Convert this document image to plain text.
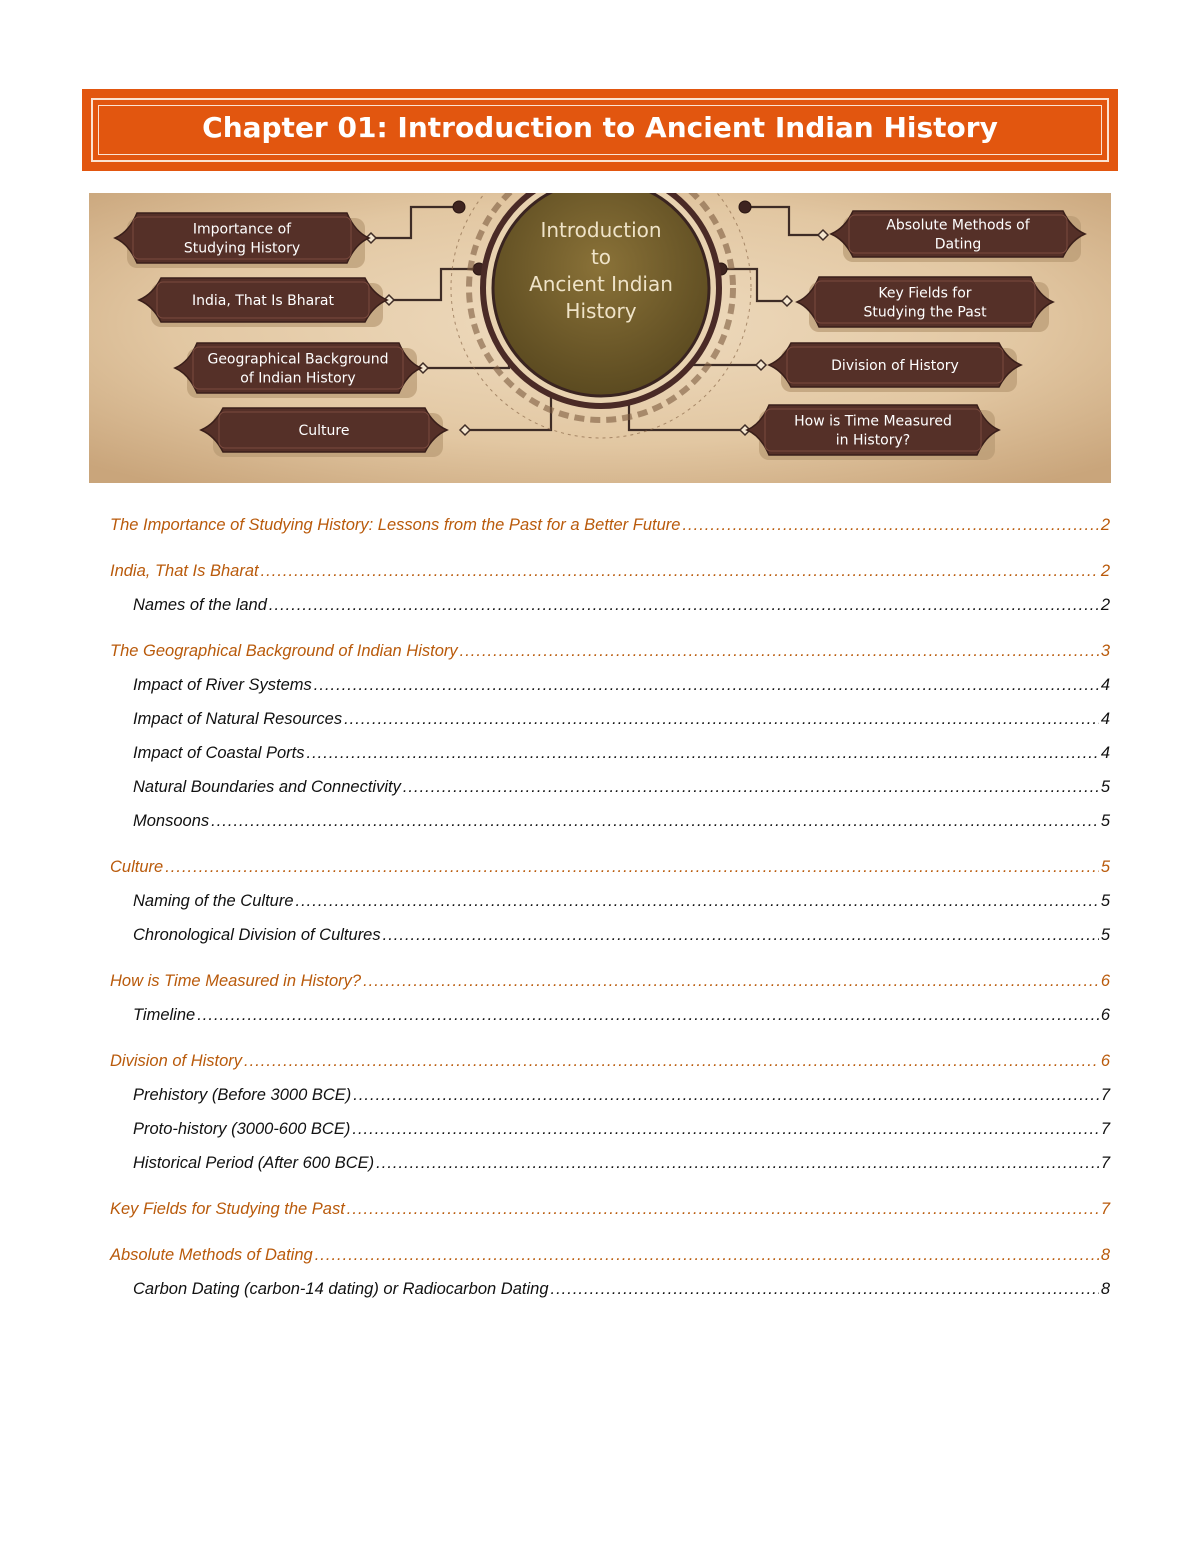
Chapter 01: Introduction to Ancient Indian History
Introduction
to
Ancient Indian
History
Importance of
Studying History
India, That Is Bharat
Geographical Background
of Indian History
Culture
Absolute Methods of
Dating
Key Fields for
Studying the Past
Division of History
How is Time Measured
in History?
The Importance of Studying History: Lessons from the Past for a Better Future .....	2
India, That Is Bharat .....	2
Names of the land .....	2
The Geographical Background of Indian History .....	3
Impact of River Systems .....	4
Impact of Natural Resources .....	4
Impact of Coastal Ports .....	4
Natural Boundaries and Connectivity .....	5
Monsoons .....	5
Culture .....	5
Naming of the Culture .....	5
Chronological Division of Cultures .....	5
How is Time Measured in History? .....	6
Timeline .....	6
Division of History .....	6
Prehistory (Before 3000 BCE) .....	7
Proto-history (3000-600 BCE) .....	7
Historical Period (After 600 BCE) .....	7
Key Fields for Studying the Past .....	7
Absolute Methods of Dating .....	8
Carbon Dating (carbon-14 dating) or Radiocarbon Dating .....	8
